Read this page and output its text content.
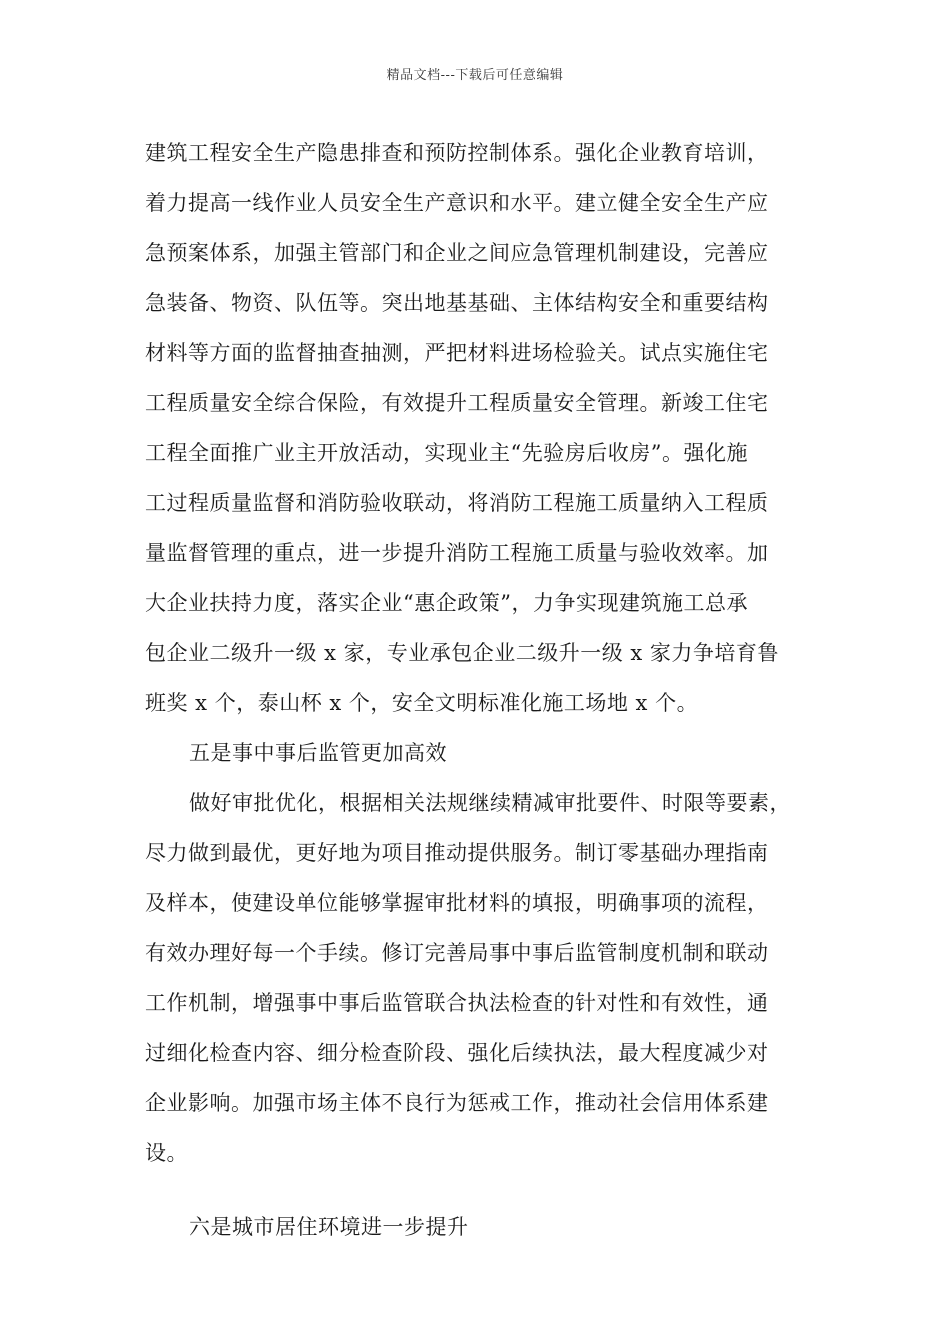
精品文档---下载后可任意编辑
建筑工程安全生产隐患排查和预防控制体系。强化企业教育培训，
着力提高一线作业人员安全生产意识和水平。建立健全安全生产应
急预案体系，加强主管部门和企业之间应急管理机制建设，完善应
急装备、物资、队伍等。突出地基基础、主体结构安全和重要结构
材料等方面的监督抽查抽测，严把材料进场检验关。试点实施住宅
工程质量安全综合保险，有效提升工程质量安全管理。新竣工住宅
工程全面推广业主开放活动，实现业主“先验房后收房”。强化施
工过程质量监督和消防验收联动，将消防工程施工质量纳入工程质
量监督管理的重点，进一步提升消防工程施工质量与验收效率。加
大企业扶持力度，落实企业“惠企政策”，力争实现建筑施工总承
包企业二级升一级 x 家，专业承包企业二级升一级 x 家力争培育鲁
班奖 x 个，泰山杯 x 个，安全文明标准化施工场地 x 个。
五是事中事后监管更加高效
做好审批优化，根据相关法规继续精减审批要件、时限等要素，
尽力做到最优，更好地为项目推动提供服务。制订零基础办理指南
及样本，使建设单位能够掌握审批材料的填报，明确事项的流程，
有效办理好每一个手续。修订完善局事中事后监管制度机制和联动
工作机制，增强事中事后监管联合执法检查的针对性和有效性，通
过细化检查内容、细分检查阶段、强化后续执法，最大程度减少对
企业影响。加强市场主体不良行为惩戒工作，推动社会信用体系建
设。
六是城市居住环境进一步提升
